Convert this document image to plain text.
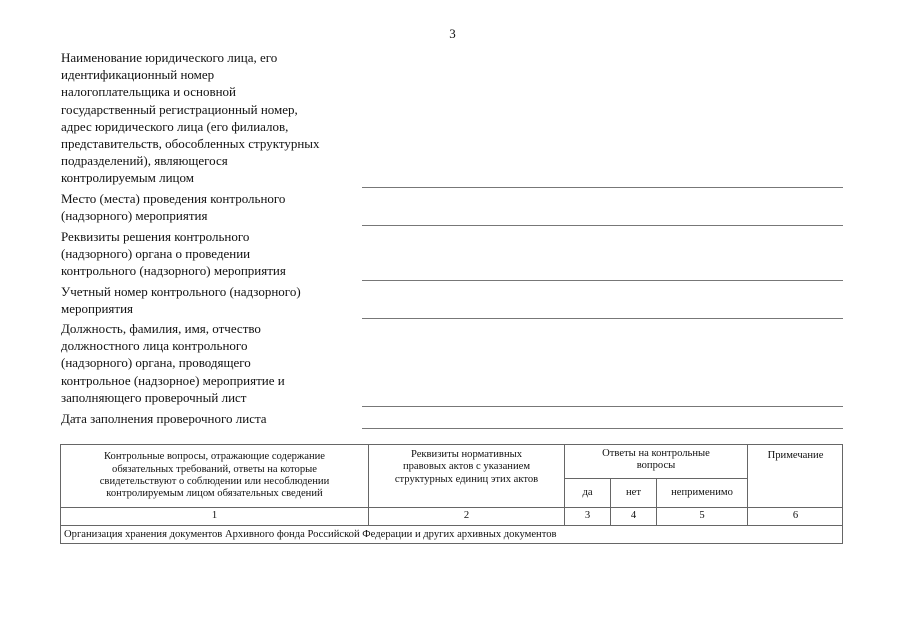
3
Наименование юридического лица, его
идентификационный номер
налогоплательщика и основной
государственный регистрационный номер,
адрес юридического лица (его филиалов,
представительств, обособленных структурных
подразделений), являющегося
контролируемым лицом
Место (места) проведения контрольного
(надзорного) мероприятия
Реквизиты решения контрольного
(надзорного) органа о проведении
контрольного (надзорного) мероприятия
Учетный номер контрольного (надзорного)
мероприятия
Должность, фамилия, имя, отчество
должностного лица контрольного
(надзорного) органа, проводящего
контрольное (надзорное) мероприятие и
заполняющего проверочный лист
Дата заполнения проверочного листа
Контрольные вопросы, отражающие содержание
обязательных требований, ответы на которые
свидетельствуют о соблюдении или несоблюдении
контролируемым лицом обязательных сведений
Реквизиты нормативных
правовых актов с указанием
структурных единиц этих актов
Ответы на контрольные
вопросы
Примечание
да	нет	неприменимо
1	2	3	4	5	6
Организация хранения документов Архивного фонда Российской Федерации и других архивных документов
